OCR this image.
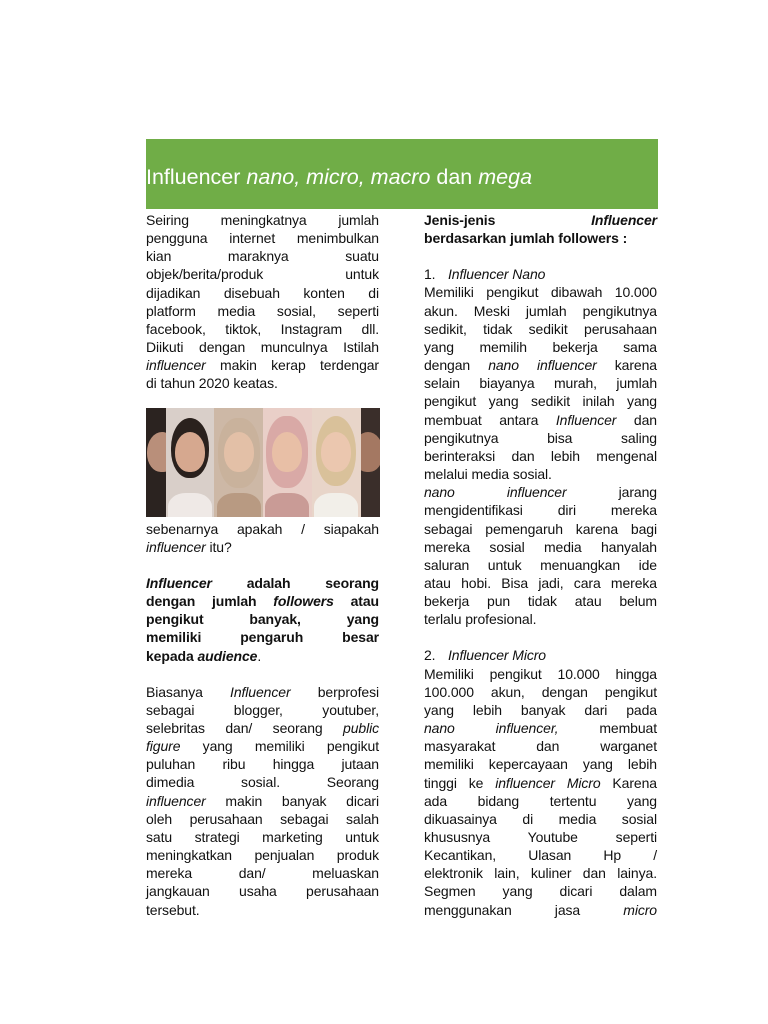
Influencer nano, micro, macro dan mega

Seiring meningkatnya jumlah

pengguna internet menimbulkan

kian maraknya suatu

objek/berita/produk untuk

dijadikan disebuah konten di

platform media sosial, seperti

facebook, tiktok, Instagram dll.

Diikuti dengan munculnya Istilah

influencer makin kerap terdengar

di tahun 2020 keatas.

sebenarnya apakah / siapakah

influencer itu?

Influencer adalah seorang

dengan jumlah followers atau

pengikut banyak, yang

memiliki pengaruh besar

kepada audience.

Biasanya Influencer berprofesi

sebagai blogger, youtuber,

selebritas dan/ seorang public

figure yang memiliki pengikut

puluhan ribu hingga jutaan

dimedia sosial. Seorang

influencer makin banyak dicari

oleh perusahaan sebagai salah

satu strategi marketing untuk

meningkatkan penjualan produk

mereka dan/ meluaskan

jangkauan usaha perusahaan

tersebut.

Jenis-jenis Influencer

berdasarkan jumlah followers :

1. Influencer Nano

Memiliki pengikut dibawah 10.000

akun. Meski jumlah pengikutnya

sedikit, tidak sedikit perusahaan

yang memilih bekerja sama

dengan nano influencer karena

selain biayanya murah, jumlah

pengikut yang sedikit inilah yang

membuat antara Influencer dan

pengikutnya bisa saling

berinteraksi dan lebih mengenal

melalui media sosial.

nano influencer jarang

mengidentifikasi diri mereka

sebagai pemengaruh karena bagi

mereka sosial media hanyalah

saluran untuk menuangkan ide

atau hobi. Bisa jadi, cara mereka

bekerja pun tidak atau belum

terlalu profesional.

2. Influencer Micro

Memiliki pengikut 10.000 hingga

100.000 akun, dengan pengikut

yang lebih banyak dari pada

nano influencer, membuat

masyarakat dan warganet

memiliki kepercayaan yang lebih

tinggi ke influencer Micro Karena

ada bidang tertentu yang

dikuasainya di media sosial

khususnya Youtube seperti

Kecantikan, Ulasan Hp /

elektronik lain, kuliner dan lainya.

Segmen yang dicari dalam

menggunakan jasa micro
